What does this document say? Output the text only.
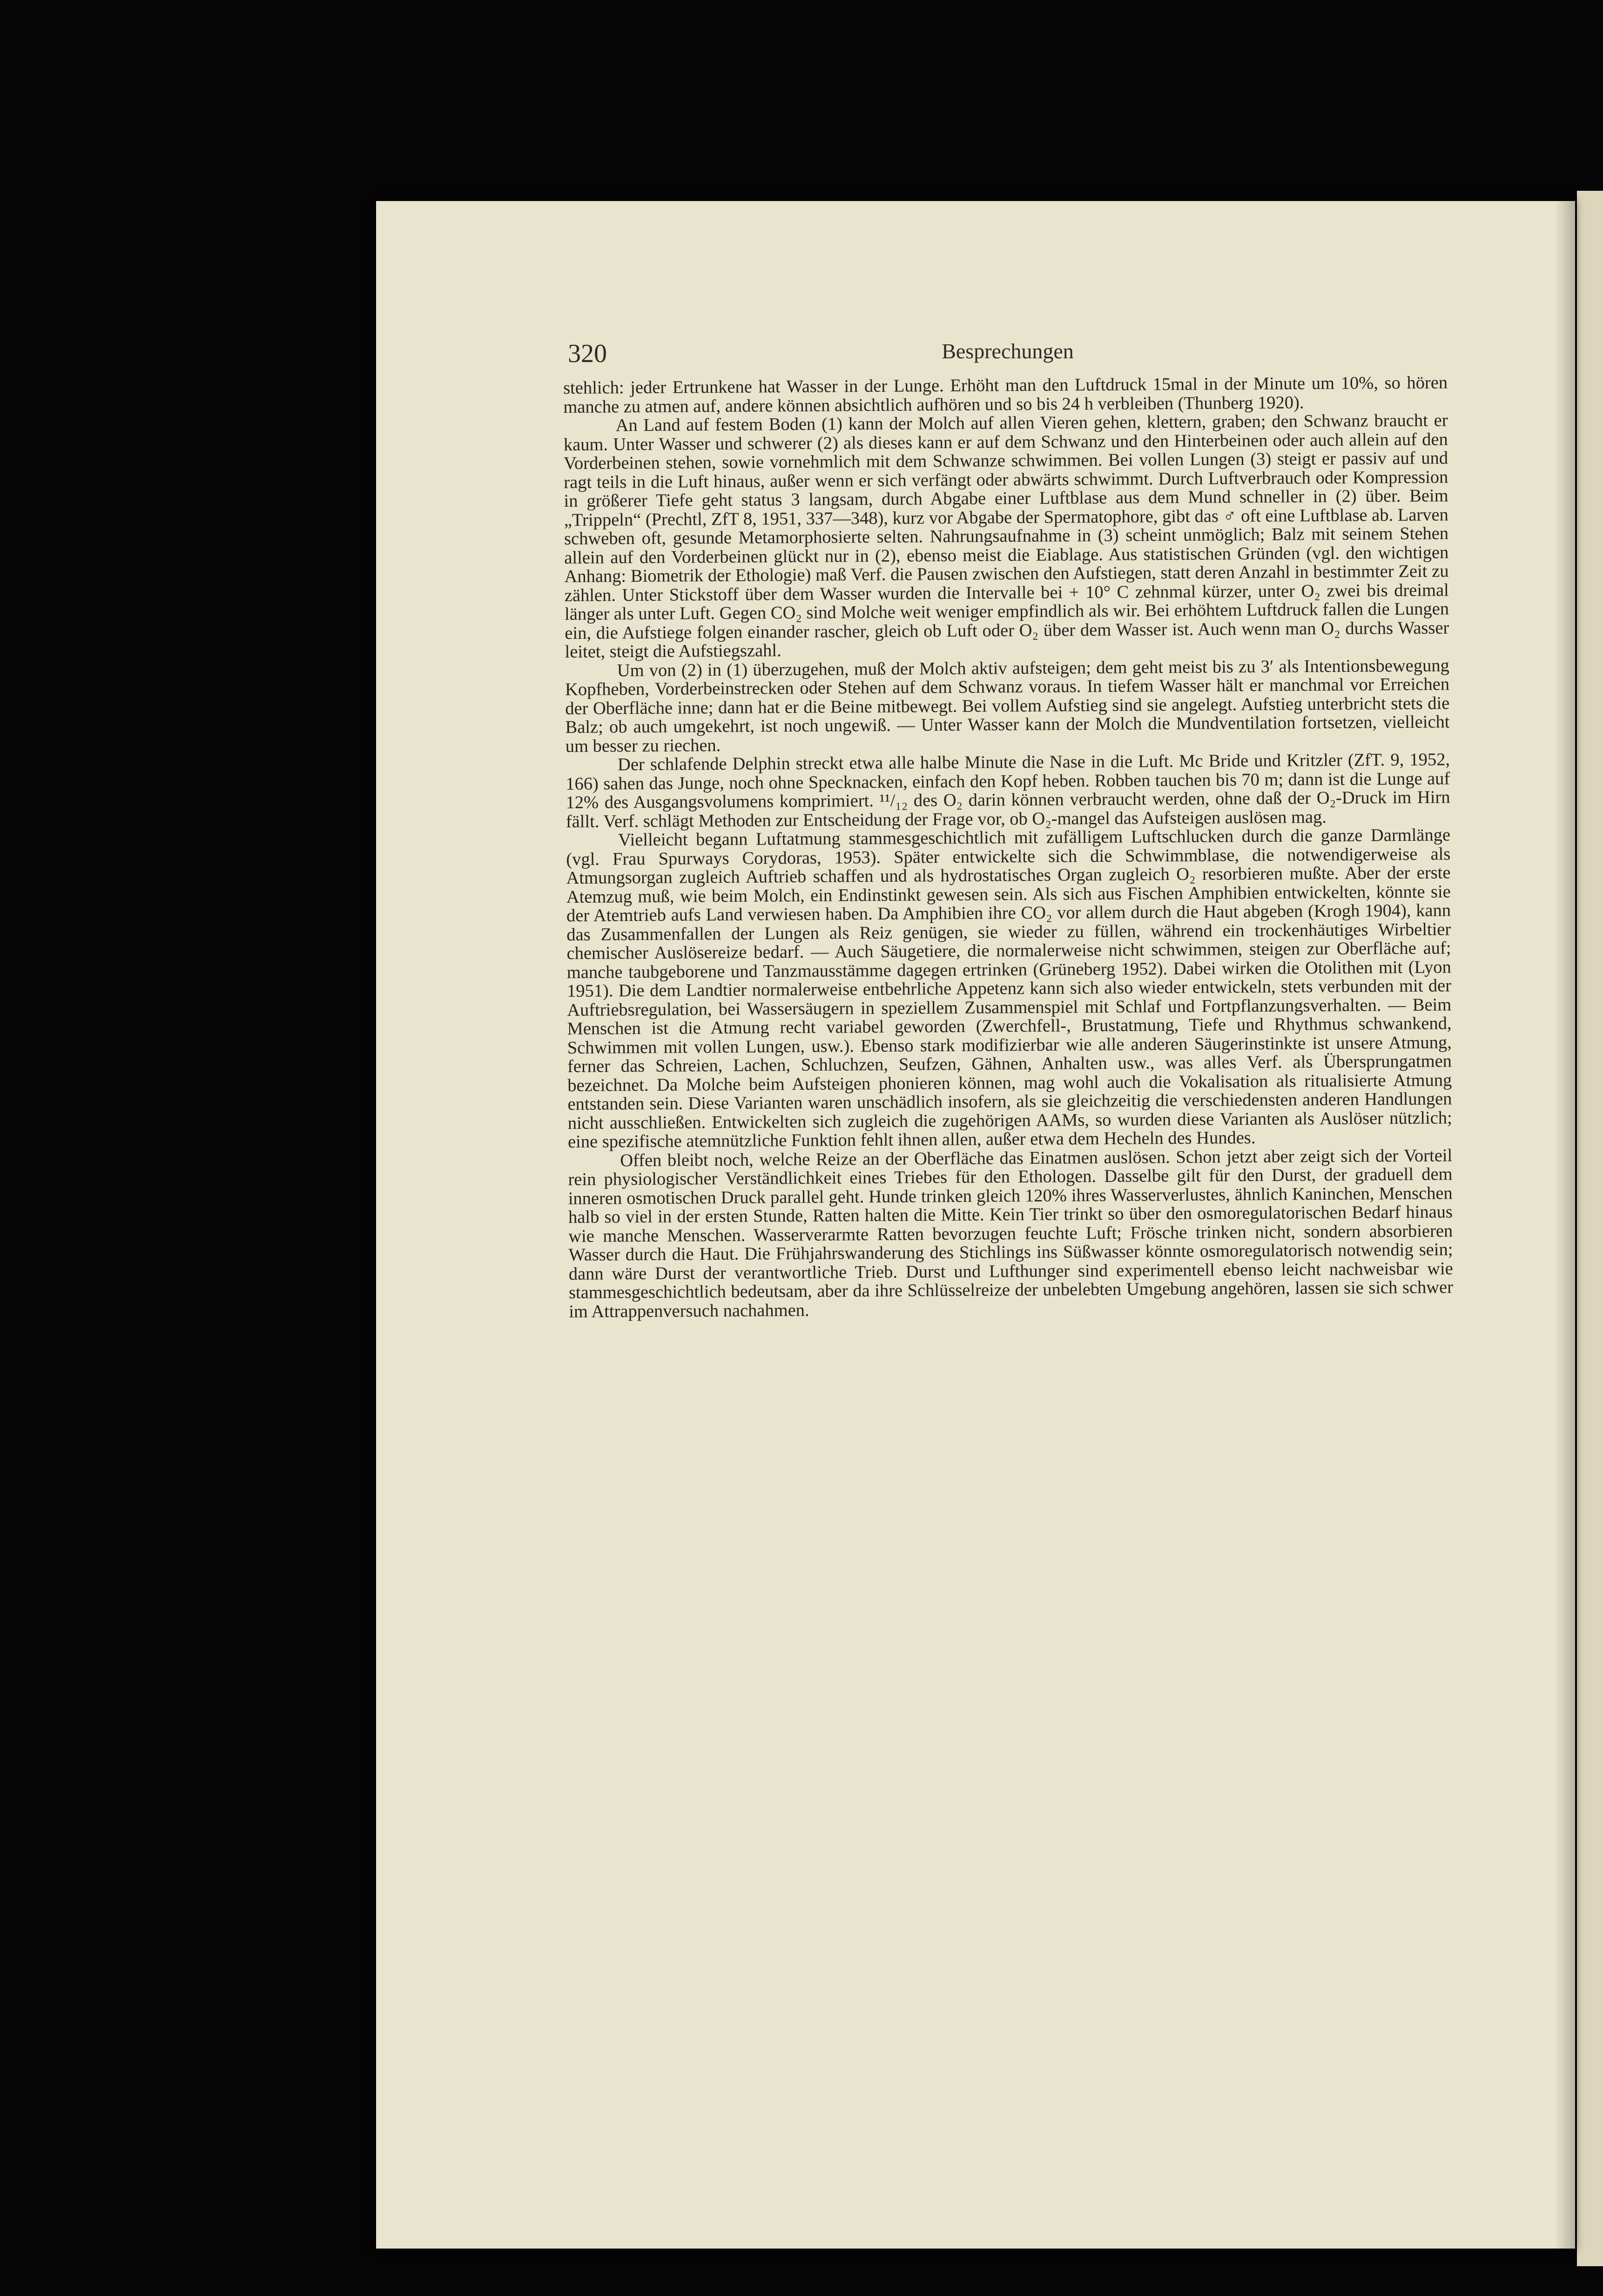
320	Besprechungen

stehlich: jeder Ertrunkene hat Wasser in der Lunge. Erhöht man den Luftdruck 15mal in der Minute um 10%, so hören manche zu atmen auf, andere können absichtlich aufhören und so bis 24 h verbleiben (Thunberg 1920).

An Land auf festem Boden (1) kann der Molch auf allen Vieren gehen, klettern, graben; den Schwanz braucht er kaum. Unter Wasser und schwerer (2) als dieses kann er auf dem Schwanz und den Hinterbeinen oder auch allein auf den Vorderbeinen stehen, sowie vornehmlich mit dem Schwanze schwimmen. Bei vollen Lungen (3) steigt er passiv auf und ragt teils in die Luft hinaus, außer wenn er sich verfängt oder abwärts schwimmt. Durch Luftverbrauch oder Kompression in größerer Tiefe geht status 3 langsam, durch Abgabe einer Luftblase aus dem Mund schneller in (2) über. Beim „Trippeln“ (Prechtl, ZfT 8, 1951, 337—348), kurz vor Abgabe der Spermatophore, gibt das ♂ oft eine Luftblase ab. Larven schweben oft, gesunde Metamorphosierte selten. Nahrungsaufnahme in (3) scheint unmöglich; Balz mit seinem Stehen allein auf den Vorderbeinen glückt nur in (2), ebenso meist die Eiablage. Aus statistischen Gründen (vgl. den wichtigen Anhang: Biometrik der Ethologie) maß Verf. die Pausen zwischen den Aufstiegen, statt deren Anzahl in bestimmter Zeit zu zählen. Unter Stickstoff über dem Wasser wurden die Intervalle bei + 10° C zehnmal kürzer, unter O₂ zwei bis dreimal länger als unter Luft. Gegen CO₂ sind Molche weit weniger empfindlich als wir. Bei erhöhtem Luftdruck fallen die Lungen ein, die Aufstiege folgen einander rascher, gleich ob Luft oder O₂ über dem Wasser ist. Auch wenn man O₂ durchs Wasser leitet, steigt die Aufstiegszahl.

Um von (2) in (1) überzugehen, muß der Molch aktiv aufsteigen; dem geht meist bis zu 3′ als Intentionsbewegung Kopfheben, Vorderbeinstrecken oder Stehen auf dem Schwanz voraus. In tiefem Wasser hält er manchmal vor Erreichen der Oberfläche inne; dann hat er die Beine mitbewegt. Bei vollem Aufstieg sind sie angelegt. Aufstieg unterbricht stets die Balz; ob auch umgekehrt, ist noch ungewiß. — Unter Wasser kann der Molch die Mundventilation fortsetzen, vielleicht um besser zu riechen.

Der schlafende Delphin streckt etwa alle halbe Minute die Nase in die Luft. Mc Bride und Kritzler (ZfT. 9, 1952, 166) sahen das Junge, noch ohne Specknacken, einfach den Kopf heben. Robben tauchen bis 70 m; dann ist die Lunge auf 12% des Ausgangsvolumens komprimiert. ¹¹/₁₂ des O₂ darin können verbraucht werden, ohne daß der O₂-Druck im Hirn fällt. Verf. schlägt Methoden zur Entscheidung der Frage vor, ob O₂-mangel das Aufsteigen auslösen mag.

Vielleicht begann Luftatmung stammesgeschichtlich mit zufälligem Luftschlucken durch die ganze Darmlänge (vgl. Frau Spurways Corydoras, 1953). Später entwickelte sich die Schwimmblase, die notwendigerweise als Atmungsorgan zugleich Auftrieb schaffen und als hydrostatisches Organ zugleich O₂ resorbieren mußte. Aber der erste Atemzug muß, wie beim Molch, ein Endinstinkt gewesen sein. Als sich aus Fischen Amphibien entwickelten, könnte sie der Atemtrieb aufs Land verwiesen haben. Da Amphibien ihre CO₂ vor allem durch die Haut abgeben (Krogh 1904), kann das Zusammenfallen der Lungen als Reiz genügen, sie wieder zu füllen, während ein trockenhäutiges Wirbeltier chemischer Auslösereize bedarf. — Auch Säugetiere, die normalerweise nicht schwimmen, steigen zur Oberfläche auf; manche taubgeborene und Tanzmausstämme dagegen ertrinken (Grüneberg 1952). Dabei wirken die Otolithen mit (Lyon 1951). Die dem Landtier normalerweise entbehrliche Appetenz kann sich also wieder entwickeln, stets verbunden mit der Auftriebsregulation, bei Wassersäugern in speziellem Zusammenspiel mit Schlaf und Fortpflanzungsverhalten. — Beim Menschen ist die Atmung recht variabel geworden (Zwerchfell-, Brustatmung, Tiefe und Rhythmus schwankend, Schwimmen mit vollen Lungen, usw.). Ebenso stark modifizierbar wie alle anderen Säugerinstinkte ist unsere Atmung, ferner das Schreien, Lachen, Schluchzen, Seufzen, Gähnen, Anhalten usw., was alles Verf. als Übersprungatmen bezeichnet. Da Molche beim Aufsteigen phonieren können, mag wohl auch die Vokalisation als ritualisierte Atmung entstanden sein. Diese Varianten waren unschädlich insofern, als sie gleichzeitig die verschiedensten anderen Handlungen nicht ausschließen. Entwickelten sich zugleich die zugehörigen AAMs, so wurden diese Varianten als Auslöser nützlich; eine spezifische atemnützliche Funktion fehlt ihnen allen, außer etwa dem Hecheln des Hundes.

Offen bleibt noch, welche Reize an der Oberfläche das Einatmen auslösen. Schon jetzt aber zeigt sich der Vorteil rein physiologischer Verständlichkeit eines Triebes für den Ethologen. Dasselbe gilt für den Durst, der graduell dem inneren osmotischen Druck parallel geht. Hunde trinken gleich 120% ihres Wasserverlustes, ähnlich Kaninchen, Menschen halb so viel in der ersten Stunde, Ratten halten die Mitte. Kein Tier trinkt so über den osmoregulatorischen Bedarf hinaus wie manche Menschen. Wasserverarmte Ratten bevorzugen feuchte Luft; Frösche trinken nicht, sondern absorbieren Wasser durch die Haut. Die Frühjahrswanderung des Stichlings ins Süßwasser könnte osmoregulatorisch notwendig sein; dann wäre Durst der verantwortliche Trieb. Durst und Lufthunger sind experimentell ebenso leicht nachweisbar wie stammesgeschichtlich bedeutsam, aber da ihre Schlüsselreize der unbelebten Umgebung angehören, lassen sie sich schwer im Attrappenversuch nachahmen.
